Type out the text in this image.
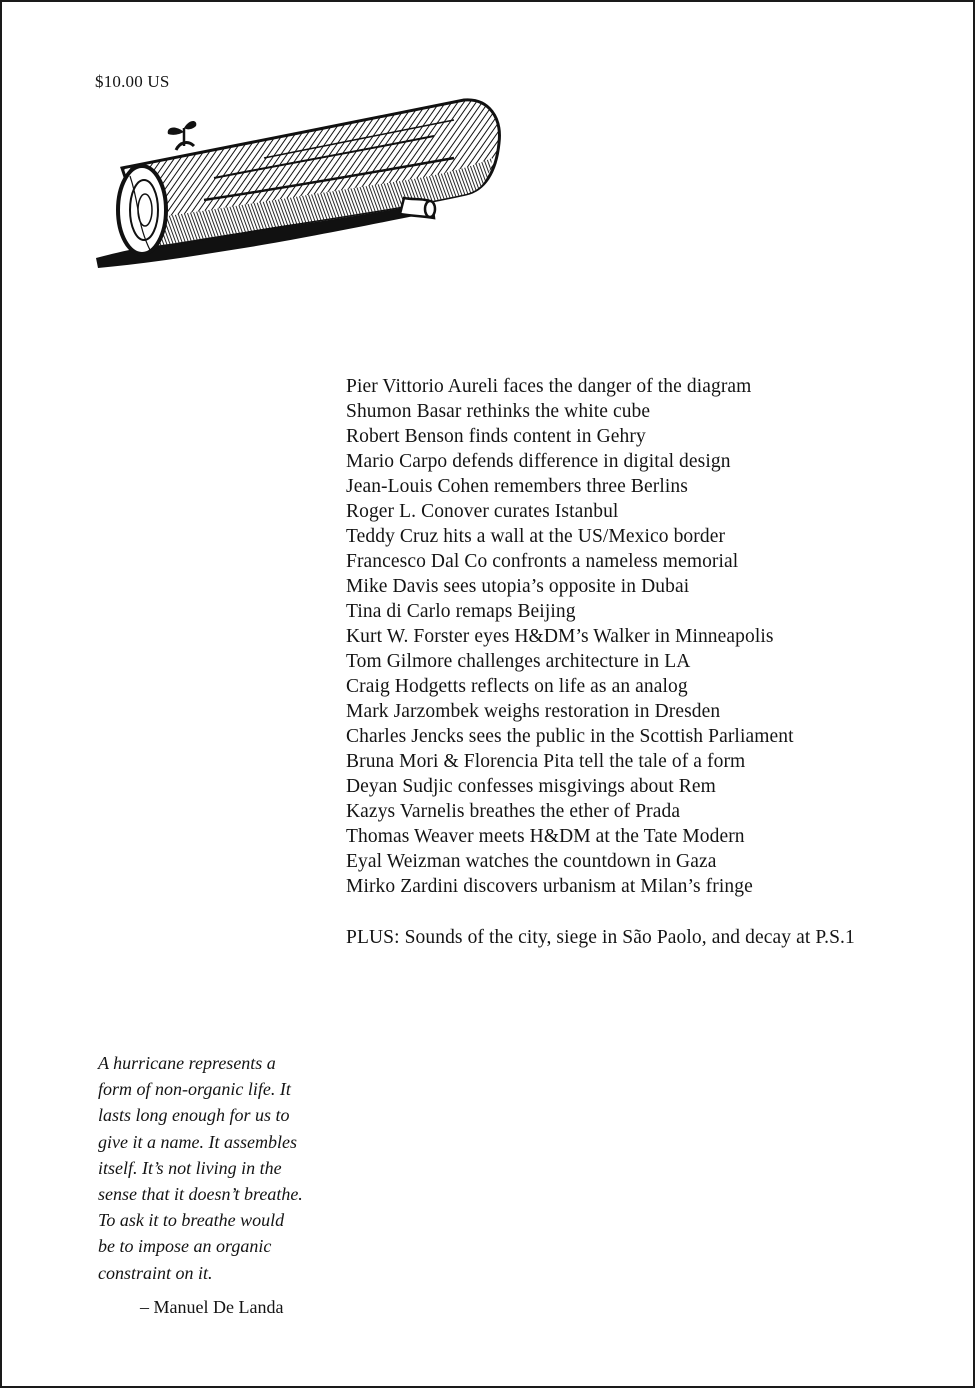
$10.00 US
Pier Vittorio Aureli faces the danger of the diagram
Shumon Basar rethinks the white cube
Robert Benson finds content in Gehry
Mario Carpo defends difference in digital design
Jean-Louis Cohen remembers three Berlins
Roger L. Conover curates Istanbul
Teddy Cruz hits a wall at the US/Mexico border
Francesco Dal Co confronts a nameless memorial
Mike Davis sees utopia’s opposite in Dubai
Tina di Carlo remaps Beijing
Kurt W. Forster eyes H&DM’s Walker in Minneapolis
Tom Gilmore challenges architecture in LA
Craig Hodgetts reflects on life as an analog
Mark Jarzombek weighs restoration in Dresden
Charles Jencks sees the public in the Scottish Parliament
Bruna Mori & Florencia Pita tell the tale of a form
Deyan Sudjic confesses misgivings about Rem
Kazys Varnelis breathes the ether of Prada
Thomas Weaver meets H&DM at the Tate Modern
Eyal Weizman watches the countdown in Gaza
Mirko Zardini discovers urbanism at Milan’s fringe
PLUS: Sounds of the city, siege in São Paolo, and decay at P.S.1
A hurricane represents a
form of non-organic life. It
lasts long enough for us to
give it a name. It assembles
itself. It’s not living in the
sense that it doesn’t breathe.
To ask it to breathe would
be to impose an organic
constraint on it.
– Manuel De Landa
